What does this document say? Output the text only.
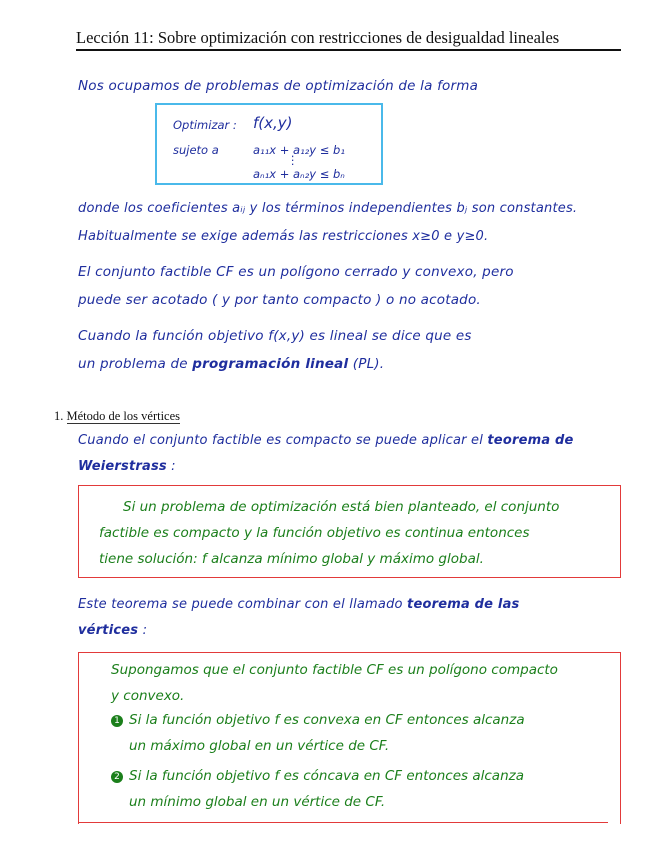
Lección 11: Sobre optimización con restricciones de desigualdad lineales
Nos ocupamos de problemas de optimización de la forma
Optimizar : f(x,y)
sujeto a	a₁₁x + a₁₂y ≤ b₁
⋮
aₙ₁x + aₙ₂y ≤ bₙ
donde los coeficientes aᵢⱼ y los términos independientes bⱼ son constantes.
Habitualmente se exige además las restricciones x≥0 e y≥0.
El conjunto factible CF es un polígono cerrado y convexo, pero
puede ser acotado ( y por tanto compacto ) o no acotado.
Cuando la función objetivo f(x,y) es lineal se dice que es
un problema de programación lineal (PL).
1. Método de los vértices
Cuando el conjunto factible es compacto se puede aplicar el teorema de
Weierstrass :
Si un problema de optimización está bien planteado, el conjunto
factible es compacto y la función objetivo es continua entonces
tiene solución: f alcanza mínimo global y máximo global.
Este teorema se puede combinar con el llamado teorema de las
vértices :
Supongamos que el conjunto factible CF es un polígono compacto
y convexo.
1 Si la función objetivo f es convexa en CF entonces alcanza
un máximo global en un vértice de CF.
2 Si la función objetivo f es cóncava en CF entonces alcanza
un mínimo global en un vértice de CF.
